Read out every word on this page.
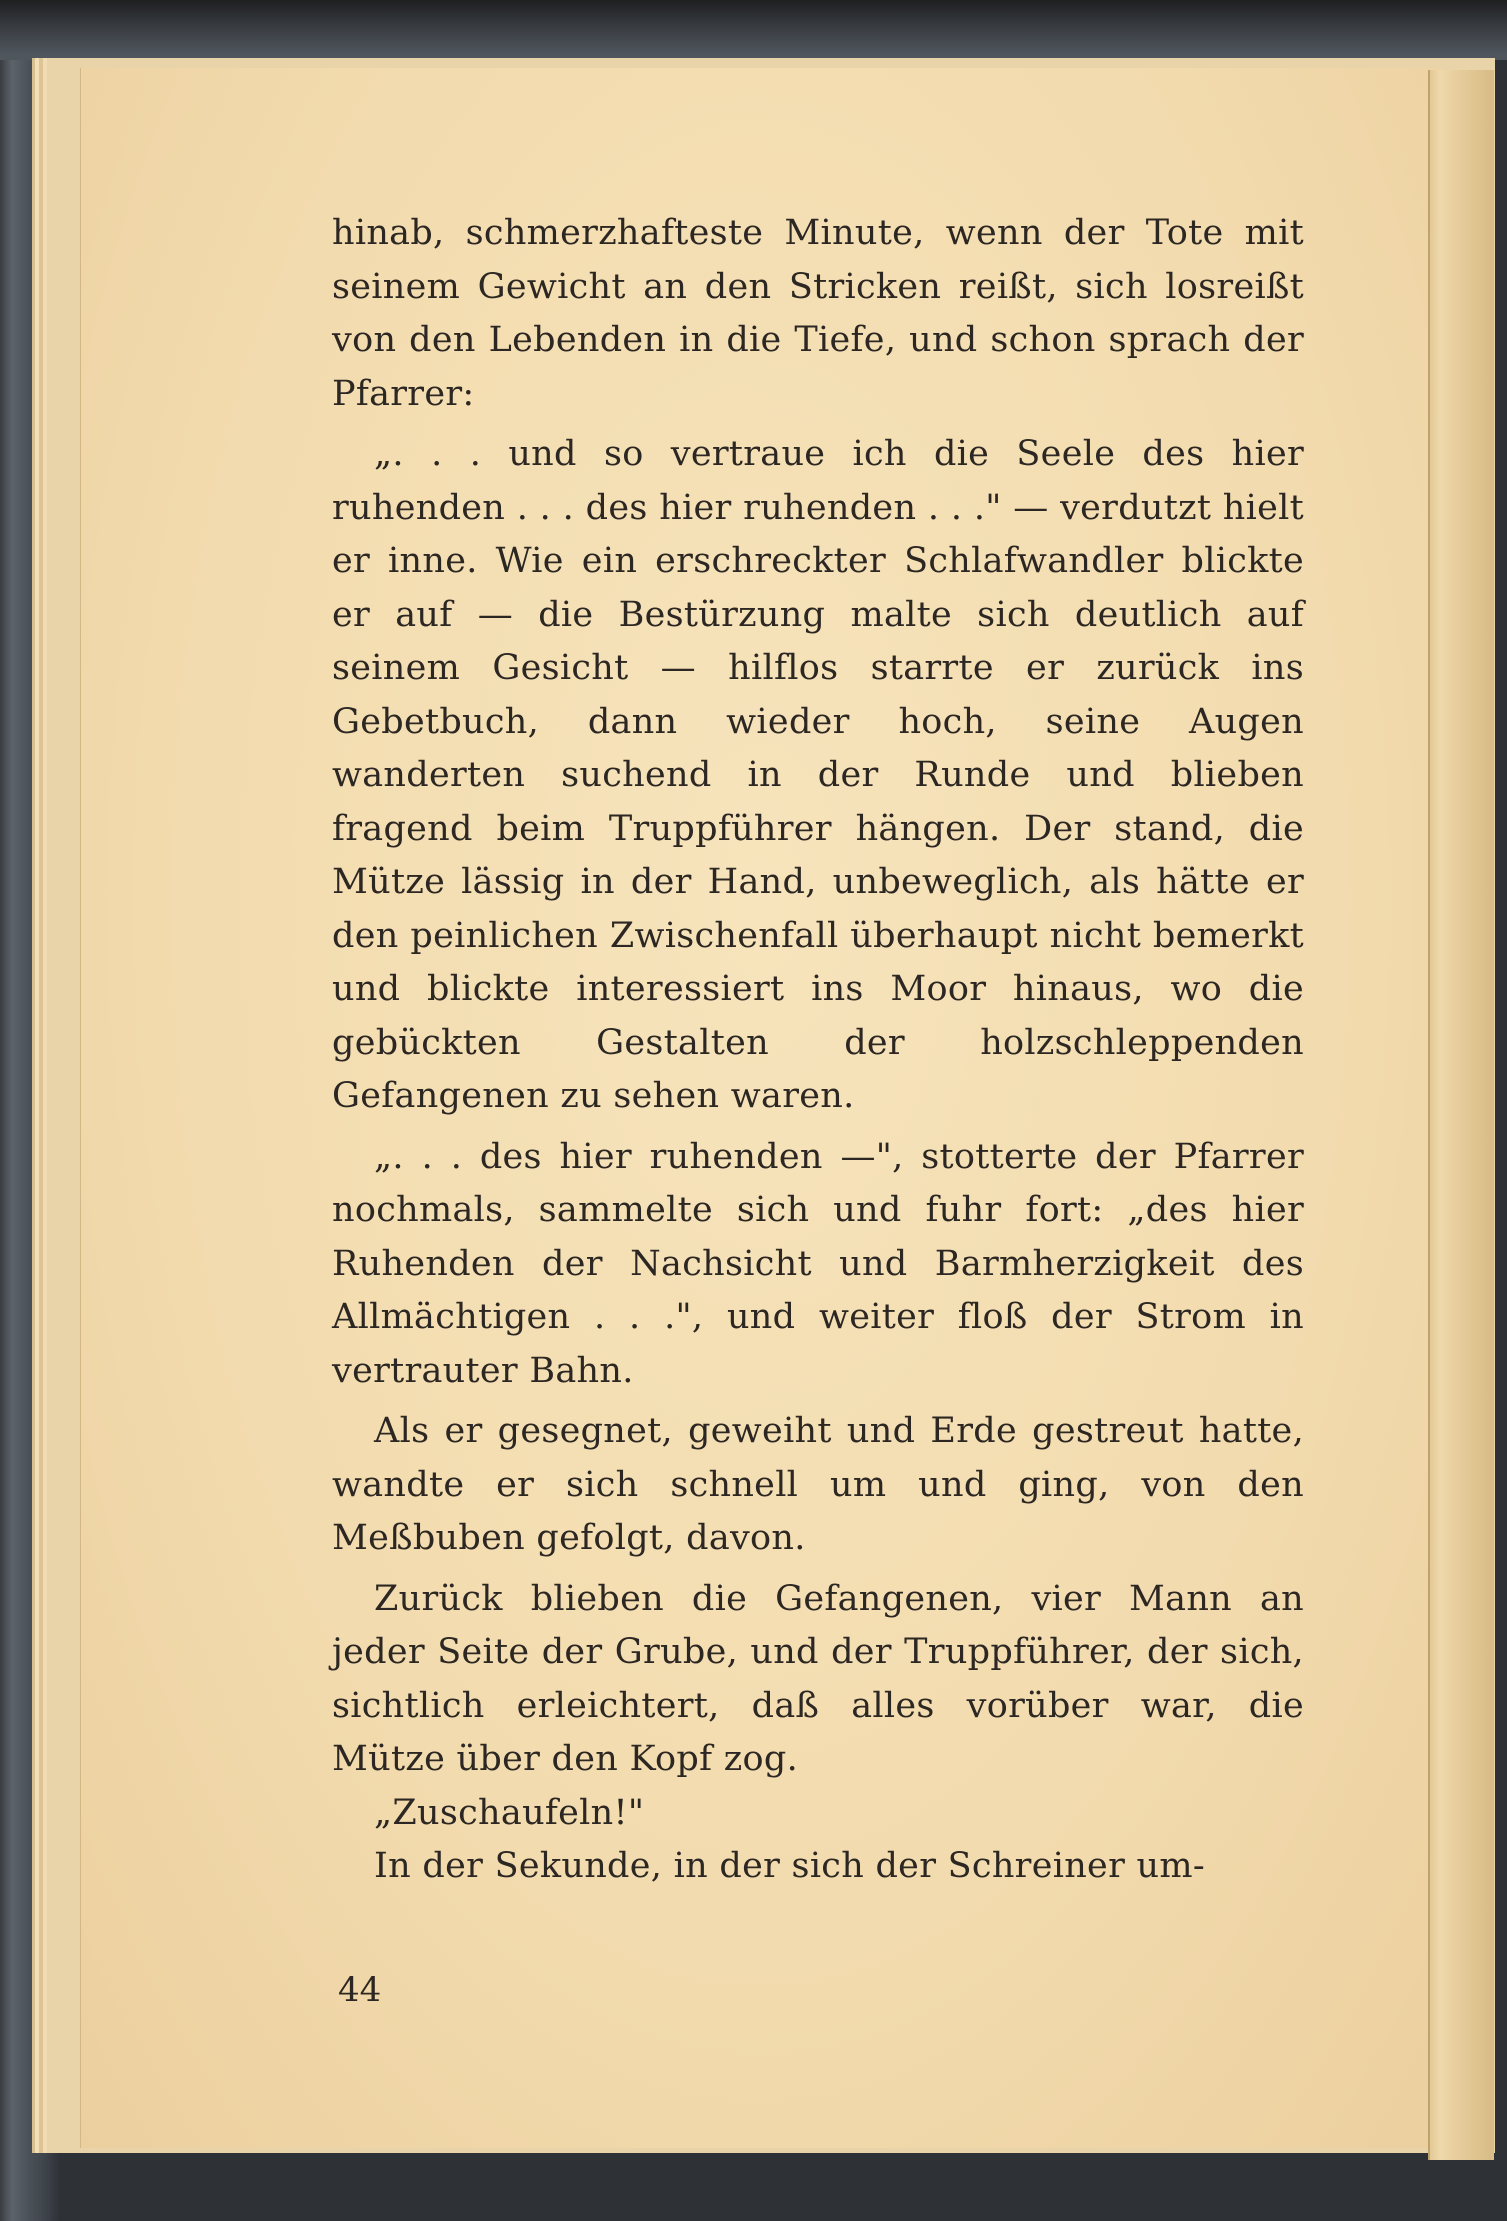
hinab, schmerzhafteste Minute, wenn der Tote mit seinem Gewicht an den Stricken reißt, sich losreißt von den Lebenden in die Tiefe, und schon sprach der Pfarrer:

„. . . und so vertraue ich die Seele des hier ruhenden . . . des hier ruhenden . . ." — verdutzt hielt er inne. Wie ein erschreckter Schlafwandler blickte er auf — die Bestürzung malte sich deutlich auf seinem Gesicht — hilflos starrte er zurück ins Gebetbuch, dann wieder hoch, seine Augen wanderten suchend in der Runde und blieben fragend beim Truppführer hängen. Der stand, die Mütze lässig in der Hand, unbeweglich, als hätte er den peinlichen Zwischenfall überhaupt nicht bemerkt und blickte interessiert ins Moor hinaus, wo die gebückten Gestalten der holzschleppenden Gefangenen zu sehen waren.

„. . . des hier ruhenden —", stotterte der Pfarrer nochmals, sammelte sich und fuhr fort: „des hier Ruhenden der Nachsicht und Barmherzigkeit des Allmächtigen . . .", und weiter floß der Strom in vertrauter Bahn.

Als er gesegnet, geweiht und Erde gestreut hatte, wandte er sich schnell um und ging, von den Meßbuben gefolgt, davon.

Zurück blieben die Gefangenen, vier Mann an jeder Seite der Grube, und der Truppführer, der sich, sichtlich erleichtert, daß alles vorüber war, die Mütze über den Kopf zog.

„Zuschaufeln!"

In der Sekunde, in der sich der Schreiner um-

44
